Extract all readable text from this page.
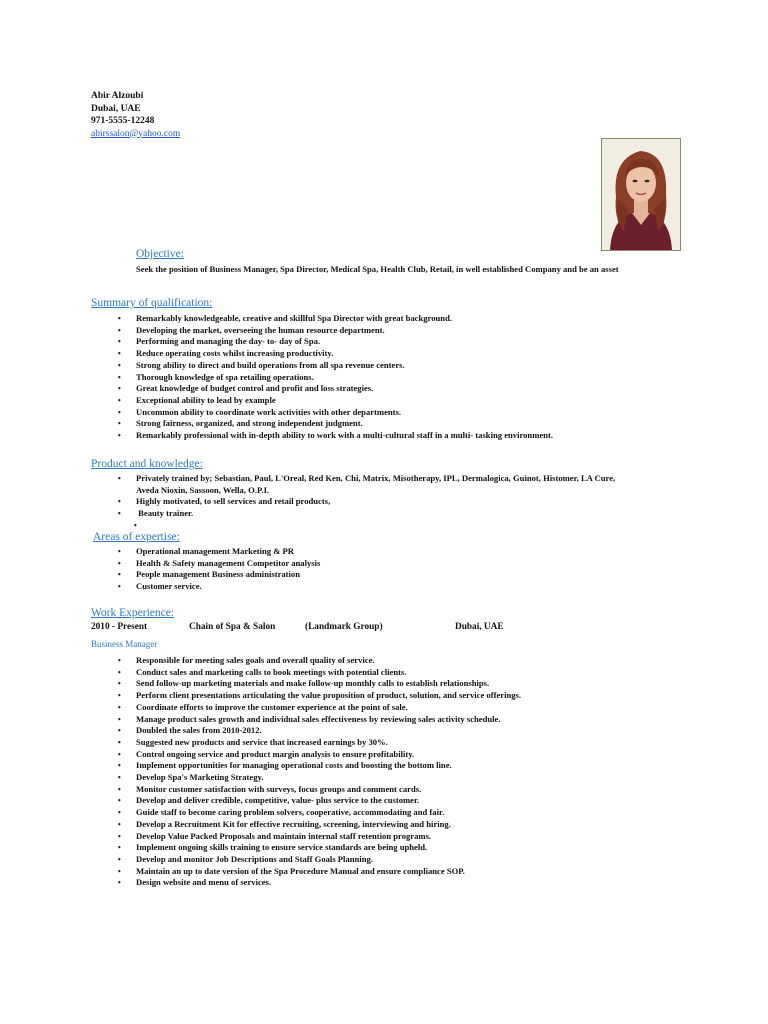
Abir Alzoubi
Dubai, UAE
971-5555-12248
abirssalon@yahoo.com
Objective:
Seek the position of Business Manager, Spa Director, Medical Spa, Health Club, Retail, in well established Company and be an asset
Summary of qualification:
• Remarkably knowledgeable, creative and skillful Spa Director with great background.
• Developing the market, overseeing the human resource department.
• Performing and managing the day- to- day of Spa.
• Reduce operating costs whilst increasing productivity.
• Strong ability to direct and build operations from all spa revenue centers.
• Thorough knowledge of spa retailing operations.
• Great knowledge of budget control and profit and loss strategies.
• Exceptional ability to lead by example
• Uncommon ability to coordinate work activities with other departments.
• Strong fairness, organized, and strong independent judgment.
• Remarkably professional with in-depth ability to work with a multi-cultural staff in a multi- tasking environment.
Product and knowledge:
• Privately trained by; Sebastian, Paul, L'Oreal, Red Ken, Chi, Matrix, Misotherapy, IPL, Dermalogica, Guinot, Histomer, LA Cure,
Aveda Nioxin, Sassoon, Wella, O.P.I.
• Highly motivated, to sell services and retail products,
• Beauty trainer.
•
Areas of expertise:
• Operational management Marketing & PR
• Health & Safety management Competitor analysis
• People management Business administration
• Customer service.
Work Experience:
2010 - Present	Chain of Spa & Salon	(Landmark Group)	Dubai, UAE
Business Manager
• Responsible for meeting sales goals and overall quality of service.
• Conduct sales and marketing calls to book meetings with potential clients.
• Send follow-up marketing materials and make follow-up monthly calls to establish relationships.
• Perform client presentations articulating the value proposition of product, solution, and service offerings.
• Coordinate efforts to improve the customer experience at the point of sale.
• Manage product sales growth and individual sales effectiveness by reviewing sales activity schedule.
• Doubled the sales from 2010-2012.
• Suggested new products and service that increased earnings by 30%.
• Control ongoing service and product margin analysis to ensure profitability.
• Implement opportunities for managing operational costs and boosting the bottom line.
• Develop Spa's Marketing Strategy.
• Monitor customer satisfaction with surveys, focus groups and comment cards.
• Develop and deliver credible, competitive, value- plus service to the customer.
• Guide staff to become caring problem solvers, cooperative, accommodating and fair.
• Develop a Recruitment Kit for effective recruiting, screening, interviewing and hiring.
• Develop Value Packed Proposals and maintain internal staff retention programs.
• Implement ongoing skills training to ensure service standards are being upheld.
• Develop and monitor Job Descriptions and Staff Goals Planning.
• Maintain an up to date version of the Spa Procedure Manual and ensure compliance SOP.
• Design website and menu of services.
